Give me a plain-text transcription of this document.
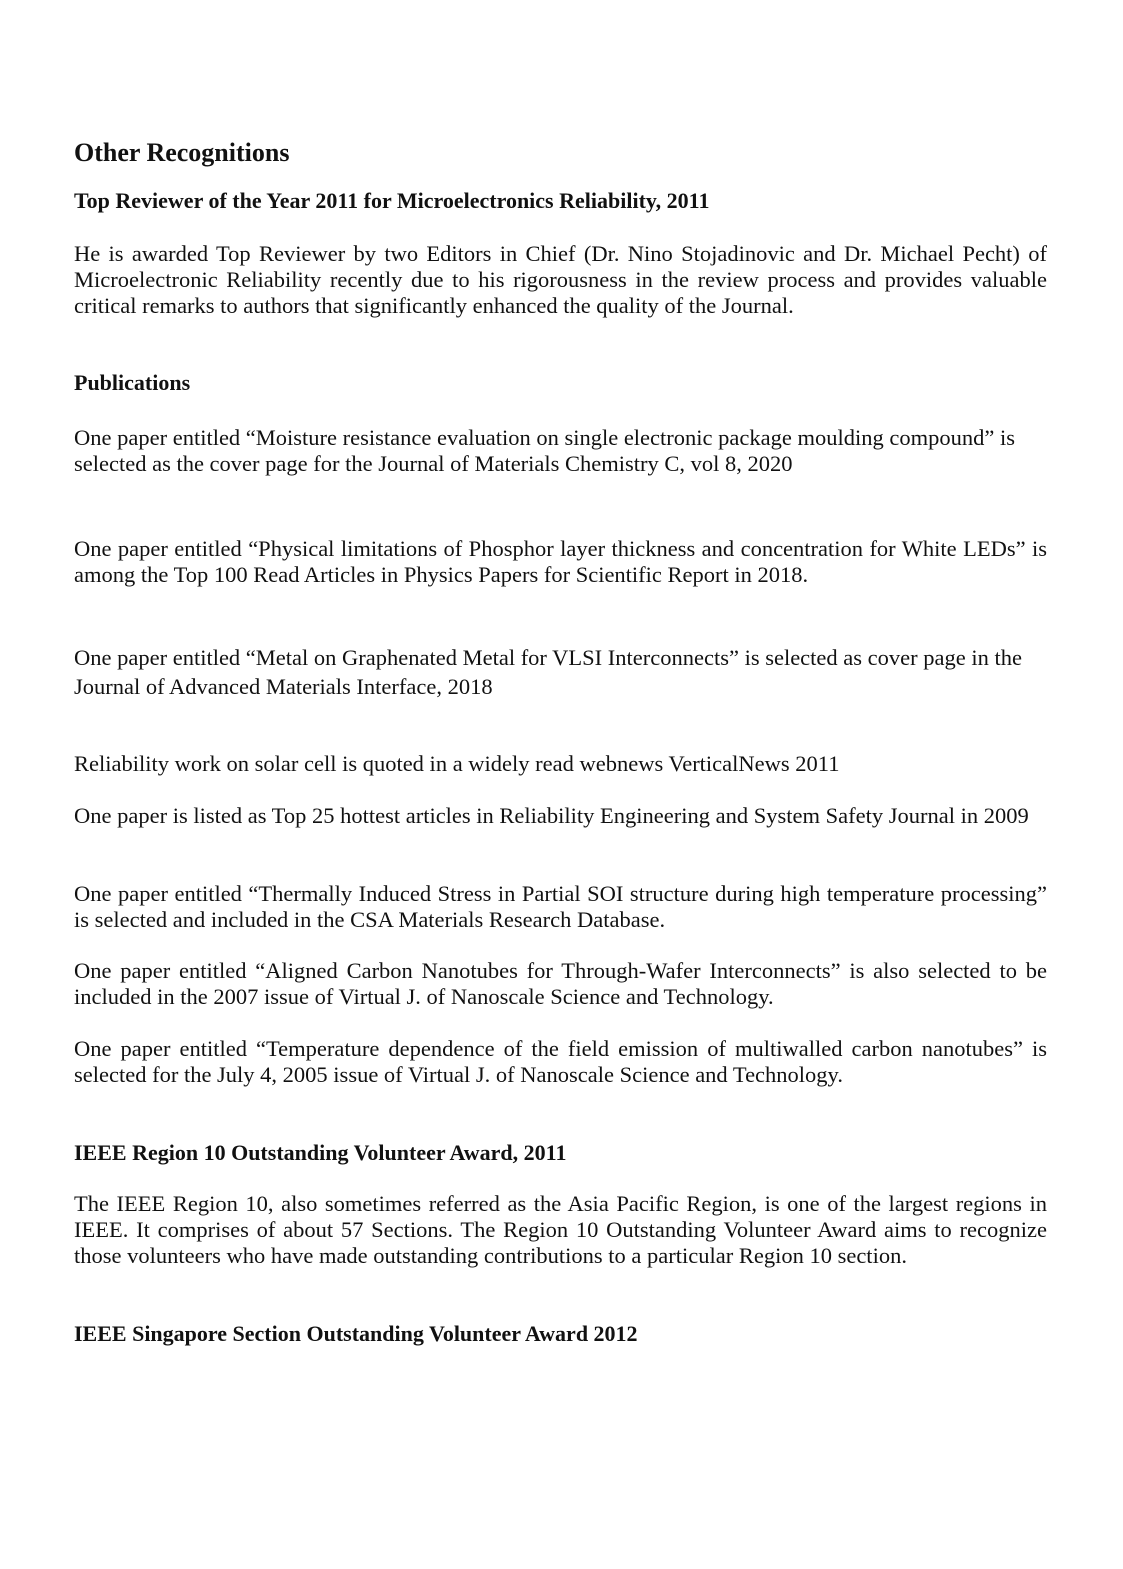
Other Recognitions
Top Reviewer of the Year 2011 for Microelectronics Reliability, 2011

He is awarded Top Reviewer by two Editors in Chief (Dr. Nino Stojadinovic and Dr. Michael Pecht) of Microelectronic Reliability recently due to his rigorousness in the review process and provides valuable critical remarks to authors that significantly enhanced the quality of the Journal.

Publications

One paper entitled “Moisture resistance evaluation on single electronic package moulding compound” is selected as the cover page for the Journal of Materials Chemistry C, vol 8, 2020

One paper entitled “Physical limitations of Phosphor layer thickness and concentration for White LEDs” is among the Top 100 Read Articles in Physics Papers for Scientific Report in 2018.

One paper entitled “Metal on Graphenated Metal for VLSI Interconnects” is selected as cover page in the Journal of Advanced Materials Interface, 2018

Reliability work on solar cell is quoted in a widely read webnews VerticalNews 2011

One paper is listed as Top 25 hottest articles in Reliability Engineering and System Safety Journal in 2009

One paper entitled “Thermally Induced Stress in Partial SOI structure during high temperature processing” is selected and included in the CSA Materials Research Database.

One paper entitled “Aligned Carbon Nanotubes for Through-Wafer Interconnects” is also selected to be included in the 2007 issue of Virtual J. of Nanoscale Science and Technology.

One paper entitled “Temperature dependence of the field emission of multiwalled carbon nanotubes” is selected for the July 4, 2005 issue of Virtual J. of Nanoscale Science and Technology.

IEEE Region 10 Outstanding Volunteer Award, 2011

The IEEE Region 10, also sometimes referred as the Asia Pacific Region, is one of the largest regions in IEEE. It comprises of about 57 Sections. The Region 10 Outstanding Volunteer Award aims to recognize those volunteers who have made outstanding contributions to a particular Region 10 section.

IEEE Singapore Section Outstanding Volunteer Award 2012
